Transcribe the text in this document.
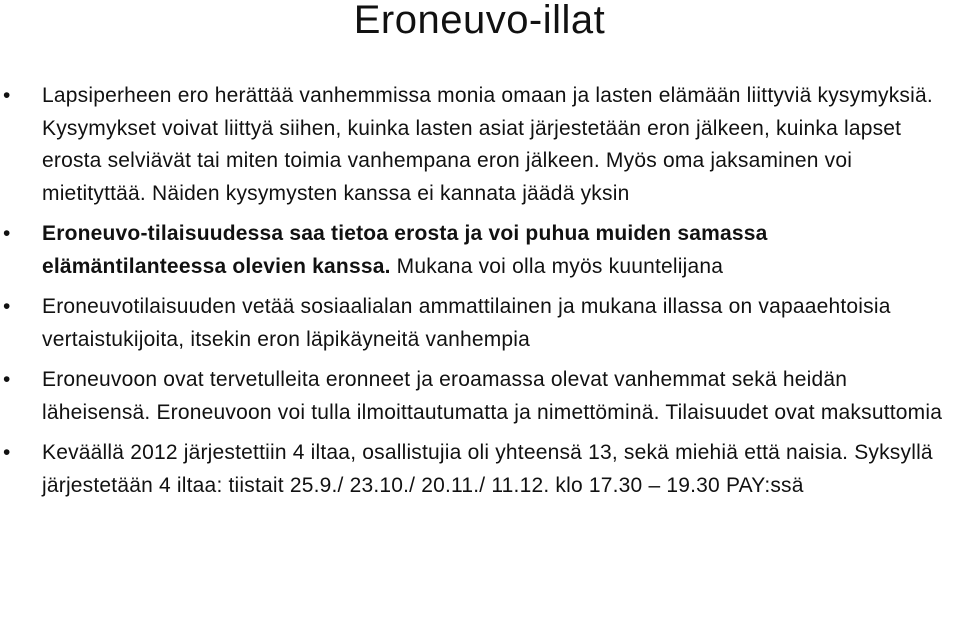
Eroneuvo-illat
• Lapsiperheen ero herättää vanhemmissa monia omaan ja lasten elämään liittyviä kysymyksiä. Kysymykset voivat liittyä siihen, kuinka lasten asiat järjestetään eron jälkeen, kuinka lapset erosta selviävät tai miten toimia vanhempana eron jälkeen. Myös oma jaksaminen voi mietityttää. Näiden kysymysten kanssa ei kannata jäädä yksin
• Eroneuvo-tilaisuudessa saa tietoa erosta ja voi puhua muiden samassa elämäntilanteessa olevien kanssa. Mukana voi olla myös kuuntelijana
• Eroneuvotilaisuuden vetää sosiaalialan ammattilainen ja mukana illassa on vapaaehtoisia vertaistukijoita, itsekin eron läpikäyneitä vanhempia
• Eroneuvoon ovat tervetulleita eronneet ja eroamassa olevat vanhemmat sekä heidän läheisensä. Eroneuvoon voi tulla ilmoittautumatta ja nimettöminä. Tilaisuudet ovat maksuttomia
• Keväällä 2012 järjestettiin 4 iltaa, osallistujia oli yhteensä 13, sekä miehiä että naisia. Syksyllä järjestetään 4 iltaa: tiistait 25.9./ 23.10./ 20.11./ 11.12. klo 17.30 – 19.30 PAY:ssä
